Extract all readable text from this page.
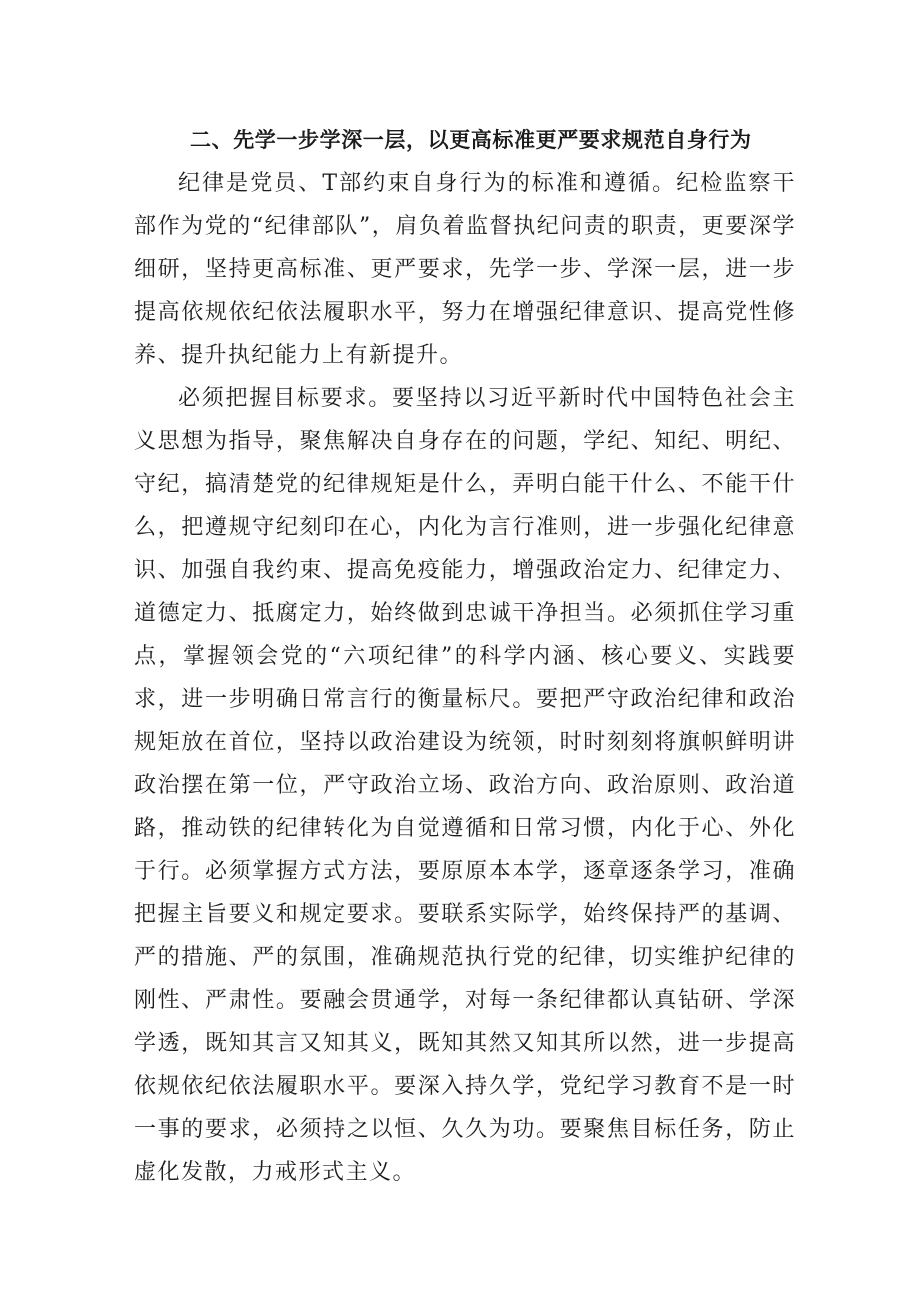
二、先学一步学深一层，以更高标准更严要求规范自身行为

纪律是党员、T部约束自身行为的标准和遵循。纪检监察干部作为党的“纪律部队”，肩负着监督执纪问责的职责，更要深学细研，坚持更高标准、更严要求，先学一步、学深一层，进一步提高依规依纪依法履职水平，努力在增强纪律意识、提高党性修养、提升执纪能力上有新提升。

必须把握目标要求。要坚持以习近平新时代中国特色社会主义思想为指导，聚焦解决自身存在的问题，学纪、知纪、明纪、守纪，搞清楚党的纪律规矩是什么，弄明白能干什么、不能干什么，把遵规守纪刻印在心，内化为言行准则，进一步强化纪律意识、加强自我约束、提高免疫能力，增强政治定力、纪律定力、道德定力、抵腐定力，始终做到忠诚干净担当。必须抓住学习重点，掌握领会党的“六项纪律”的科学内涵、核心要义、实践要求，进一步明确日常言行的衡量标尺。要把严守政治纪律和政治规矩放在首位，坚持以政治建设为统领，时时刻刻将旗帜鲜明讲政治摆在第一位，严守政治立场、政治方向、政治原则、政治道路，推动铁的纪律转化为自觉遵循和日常习惯，内化于心、外化于行。必须掌握方式方法，要原原本本学，逐章逐条学习，准确把握主旨要义和规定要求。要联系实际学，始终保持严的基调、严的措施、严的氛围，准确规范执行党的纪律，切实维护纪律的刚性、严肃性。要融会贯通学，对每一条纪律都认真钻研、学深学透，既知其言又知其义，既知其然又知其所以然，进一步提高依规依纪依法履职水平。要深入持久学，党纪学习教育不是一时一事的要求，必须持之以恒、久久为功。要聚焦目标任务，防止虚化发散，力戒形式主义。
